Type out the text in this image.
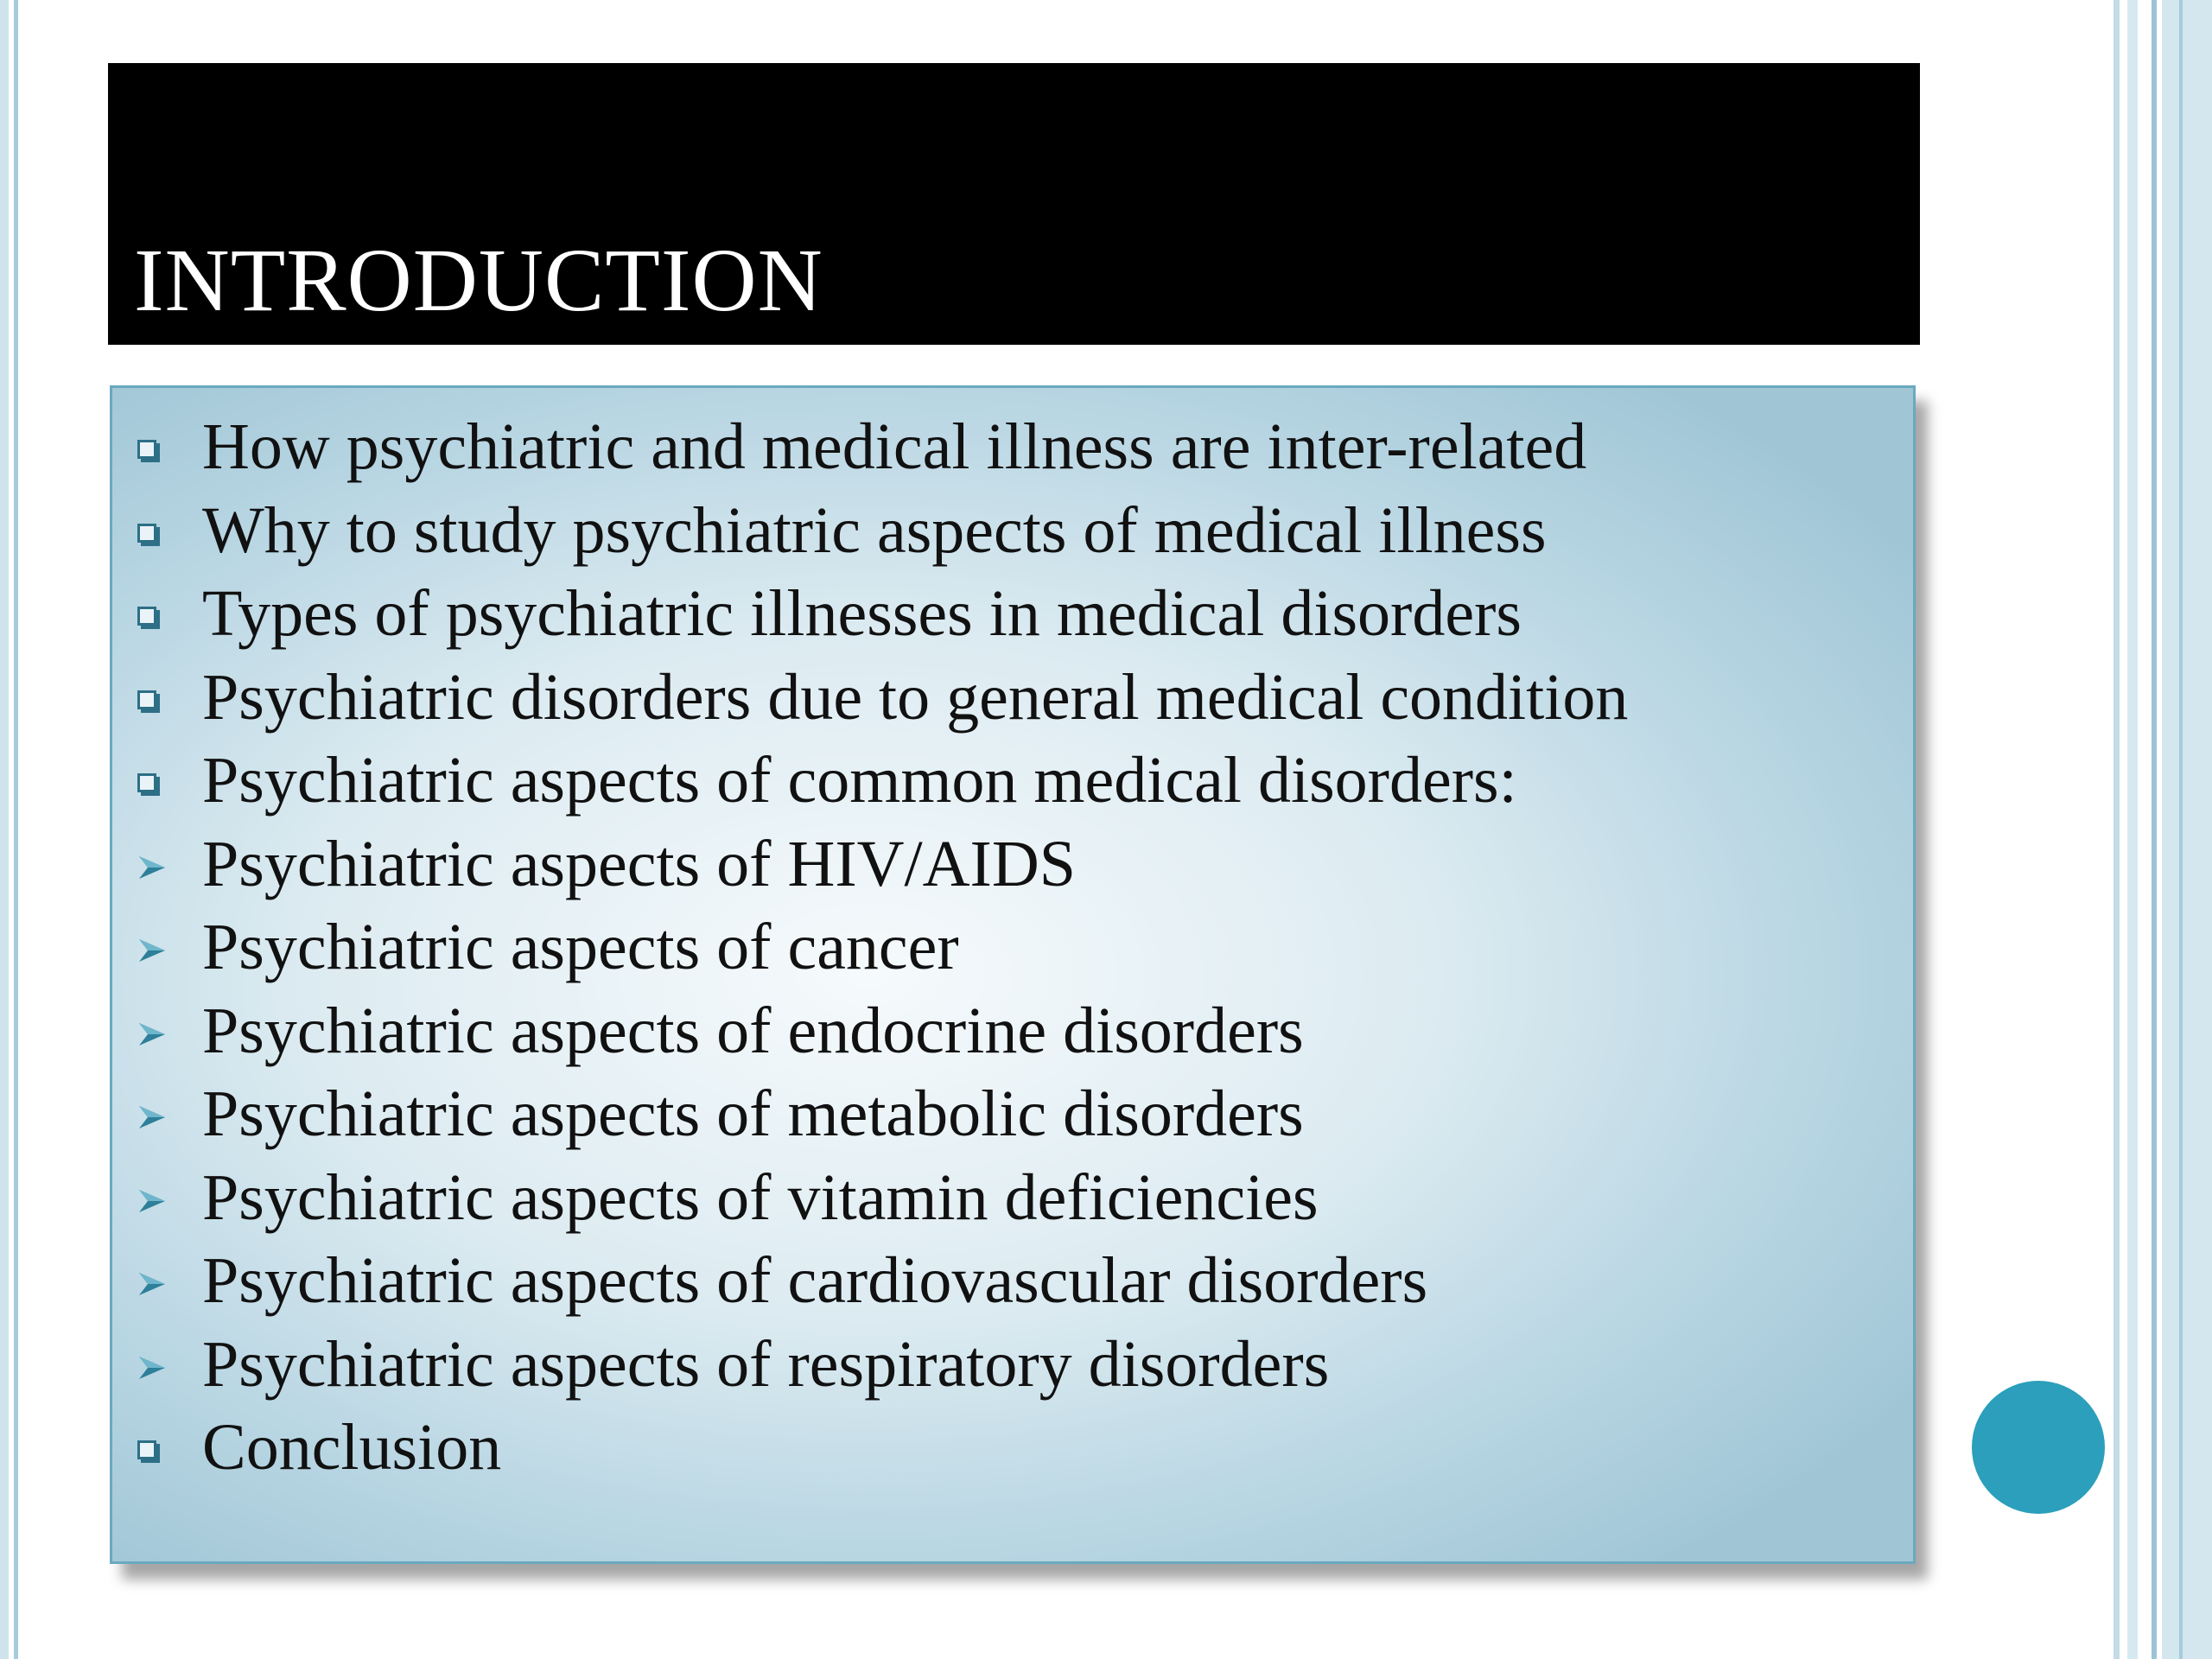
INTRODUCTION
How psychiatric and medical illness are inter-related
Why to study psychiatric aspects of medical illness
Types of psychiatric illnesses in medical disorders
Psychiatric disorders due to general medical condition
Psychiatric aspects of common medical disorders:
Psychiatric aspects of HIV/AIDS
Psychiatric aspects of cancer
Psychiatric aspects of endocrine disorders
Psychiatric aspects of metabolic disorders
Psychiatric aspects of vitamin deficiencies
Psychiatric aspects of cardiovascular disorders
Psychiatric aspects of respiratory disorders
Conclusion
